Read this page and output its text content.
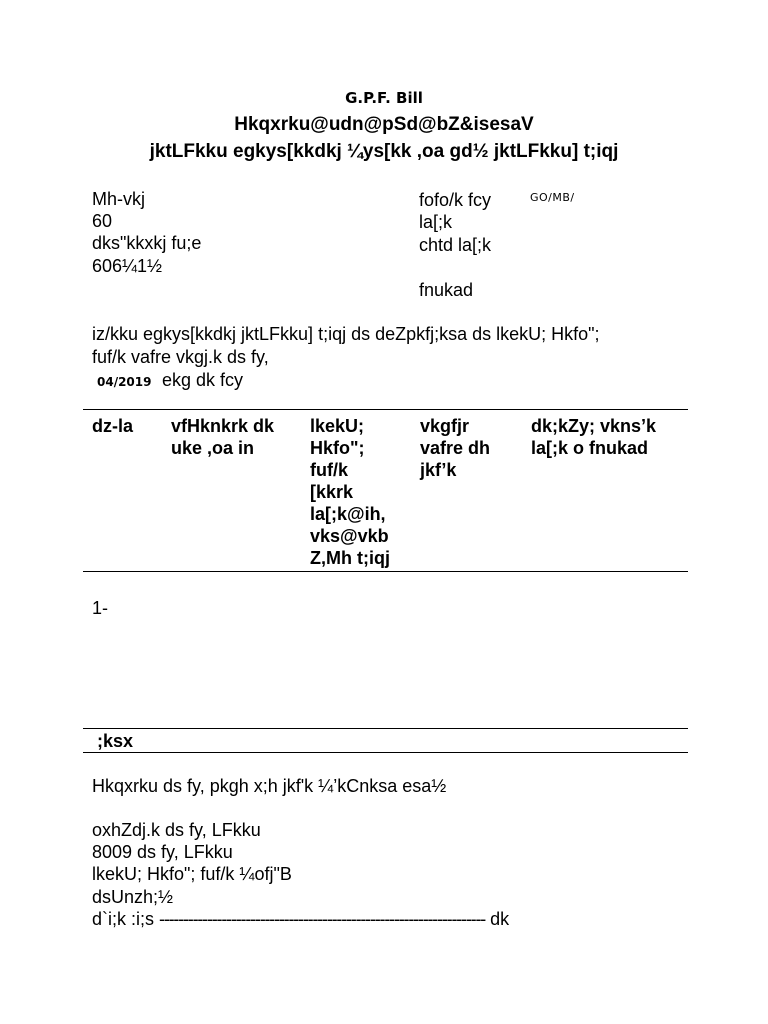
G.P.F. Bill
Hkqxrku@udn@pSd@bZ&isesaV
jktLFkku egkys[kkdkj ¼ys[kk ,oa gd½ jktLFkku] t;iqj
Mh-vkj
60
dks"kkxkj fu;e
606¼1½
fofo/k fcy	GO/MB/
la[;k
chtd la[;k
fnukad
iz/kku egkys[kkdkj jktLFkku] t;iqj ds deZpkfj;ksa ds lkekU; Hkfo";
fuf/k vafre vkgj.k ds fy,
04/2019 ekg dk fcy
dz-la vfHknkrk dk
uke ,oa in
lkekU;
Hkfo";
fuf/k
[kkrk
la[;k@ih,
vks@vkb
Z,Mh t;iqj
vkgfjr
vafre dh
jkf’k
dk;kZy; vkns’k
la[;k o fnukad
1-
;ksx
Hkqxrku ds fy, pkgh x;h jkf'k ¼’kCnksa esa½
oxhZdj.k ds fy, LFkku
8009 ds fy, LFkku
lkekU; Hkfo"; fuf/k ¼ofj"B
dsUnzh;½
d`i;k :i;s -------------------------------------------------------------------- dk
